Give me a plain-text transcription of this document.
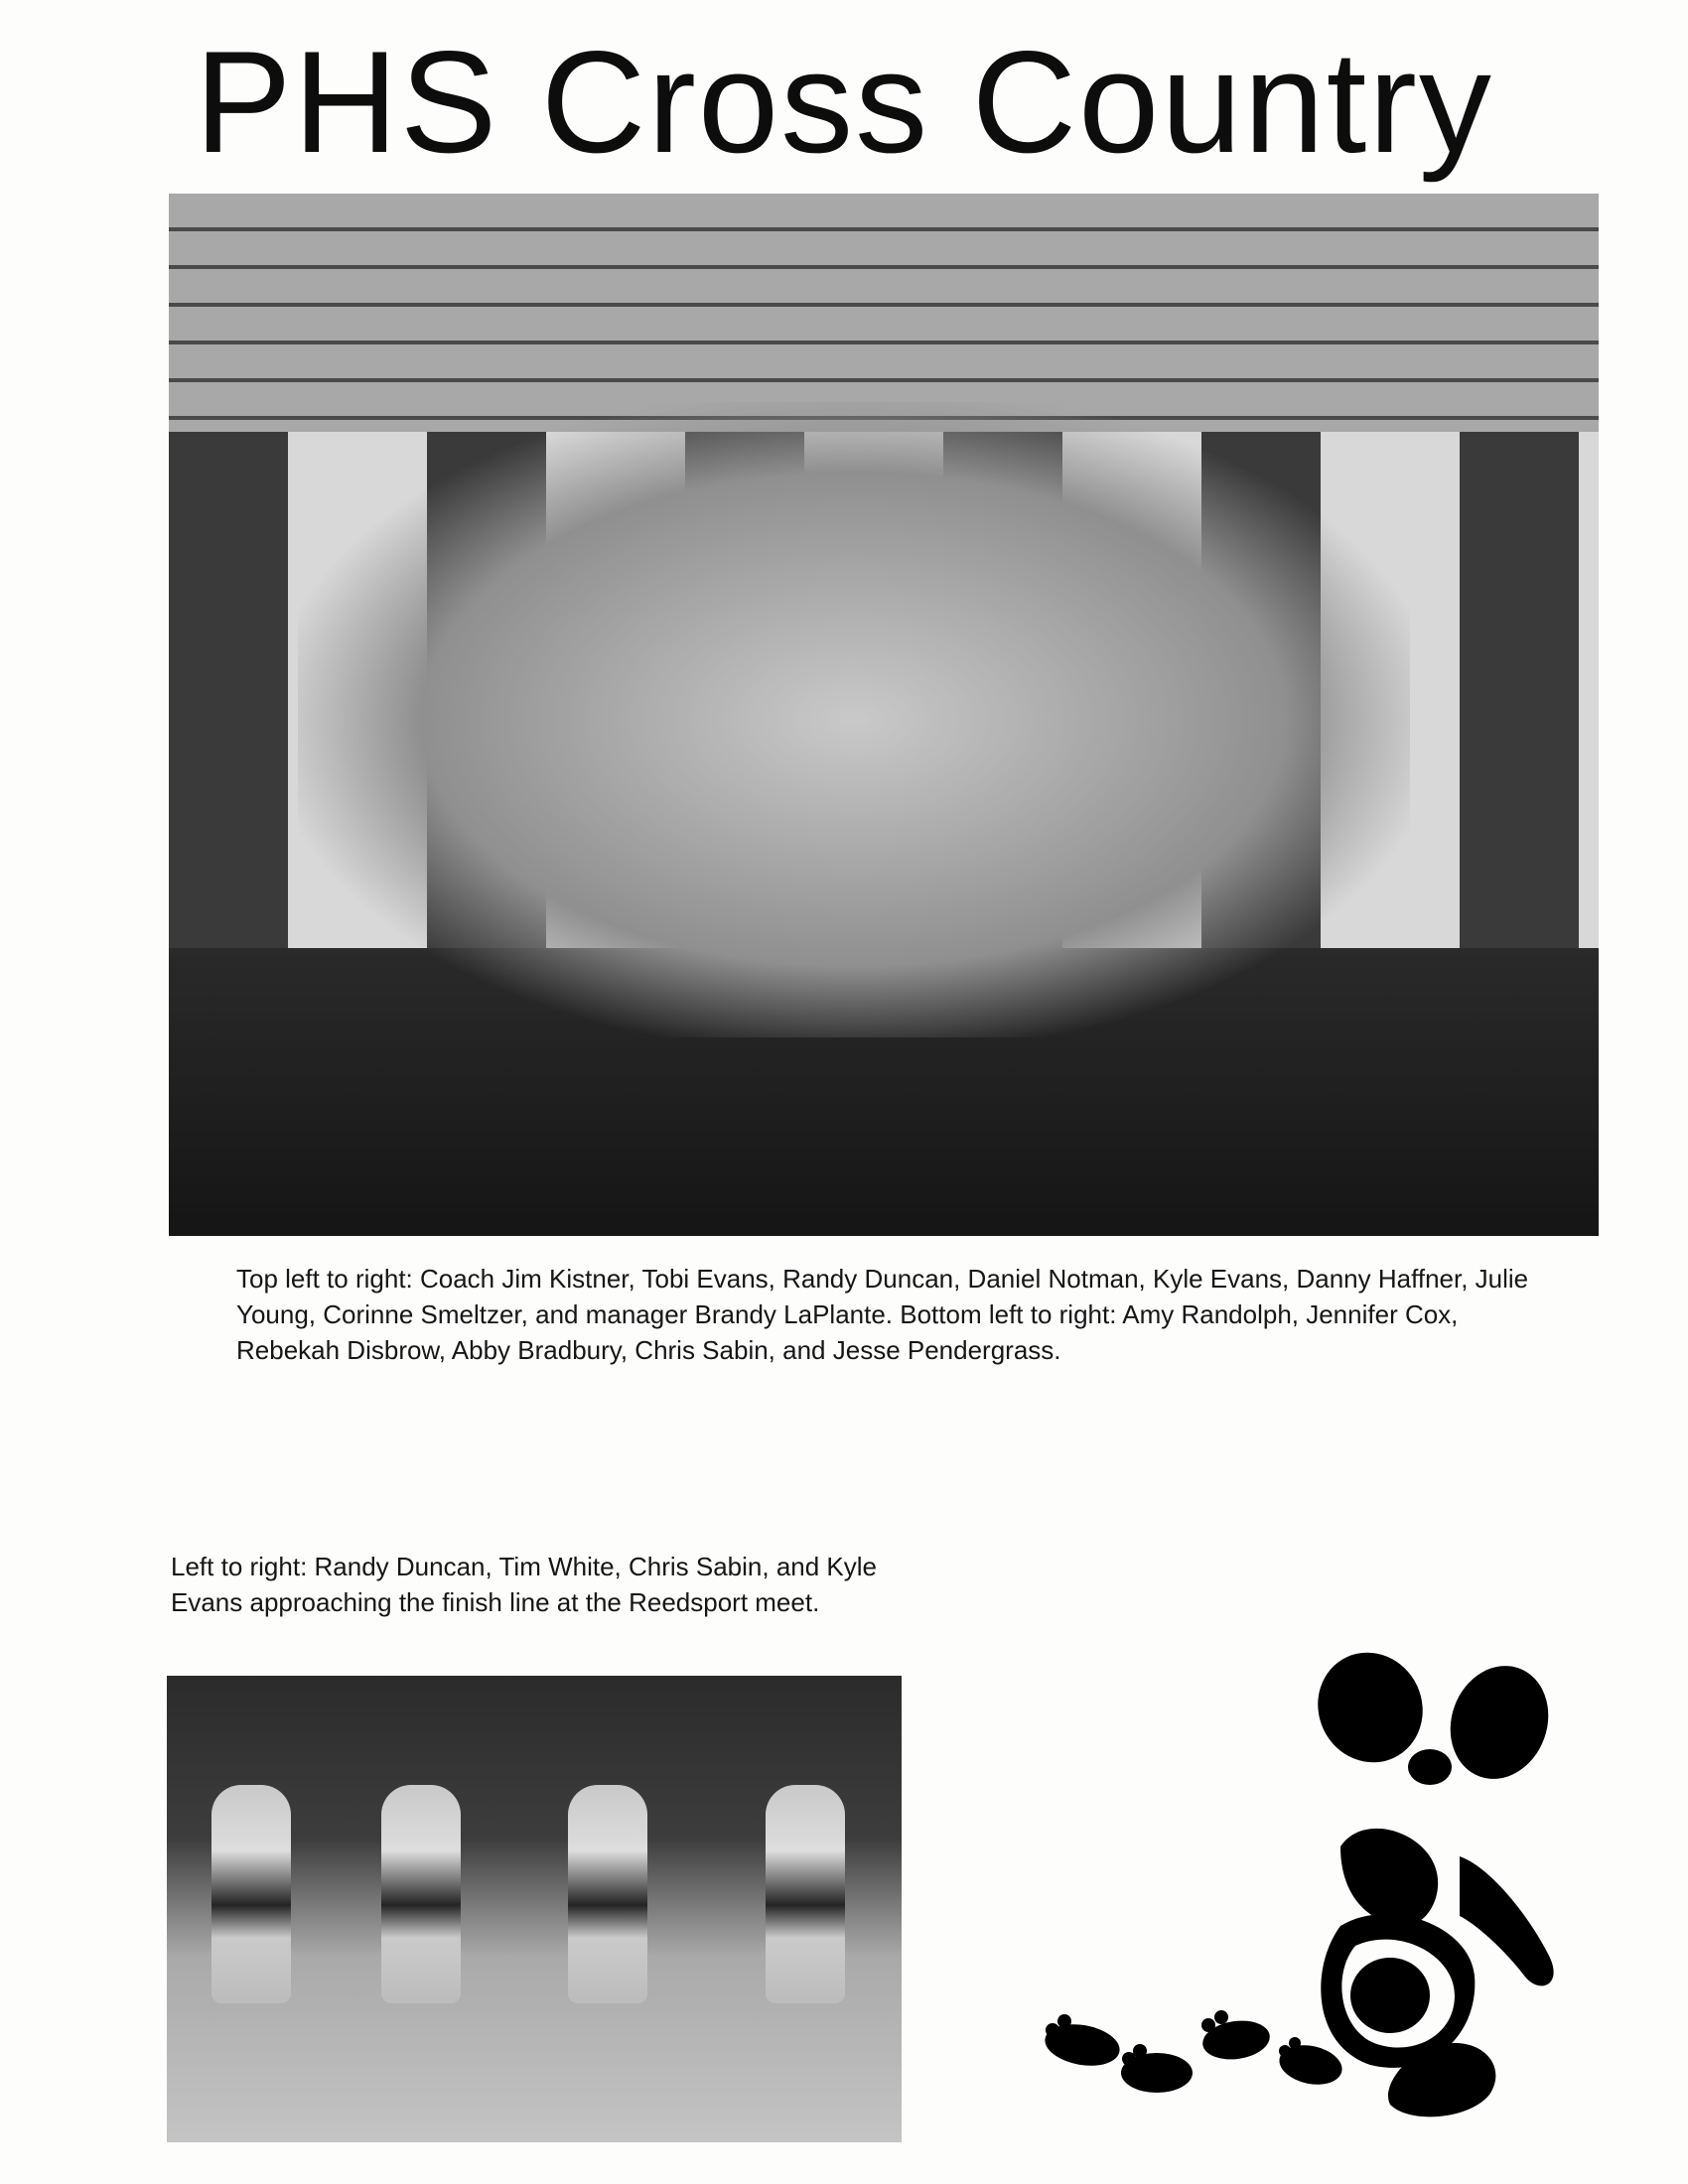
PHS Cross Country

Top left to right: Coach Jim Kistner, Tobi Evans, Randy Duncan, Daniel Notman, Kyle Evans, Danny Haffner, Julie Young, Corinne Smeltzer, and manager Brandy LaPlante. Bottom left to right: Amy Randolph, Jennifer Cox, Rebekah Disbrow, Abby Bradbury, Chris Sabin, and Jesse Pendergrass.

Left to right: Randy Duncan, Tim White, Chris Sabin, and Kyle Evans approaching the finish line at the Reedsport meet.
